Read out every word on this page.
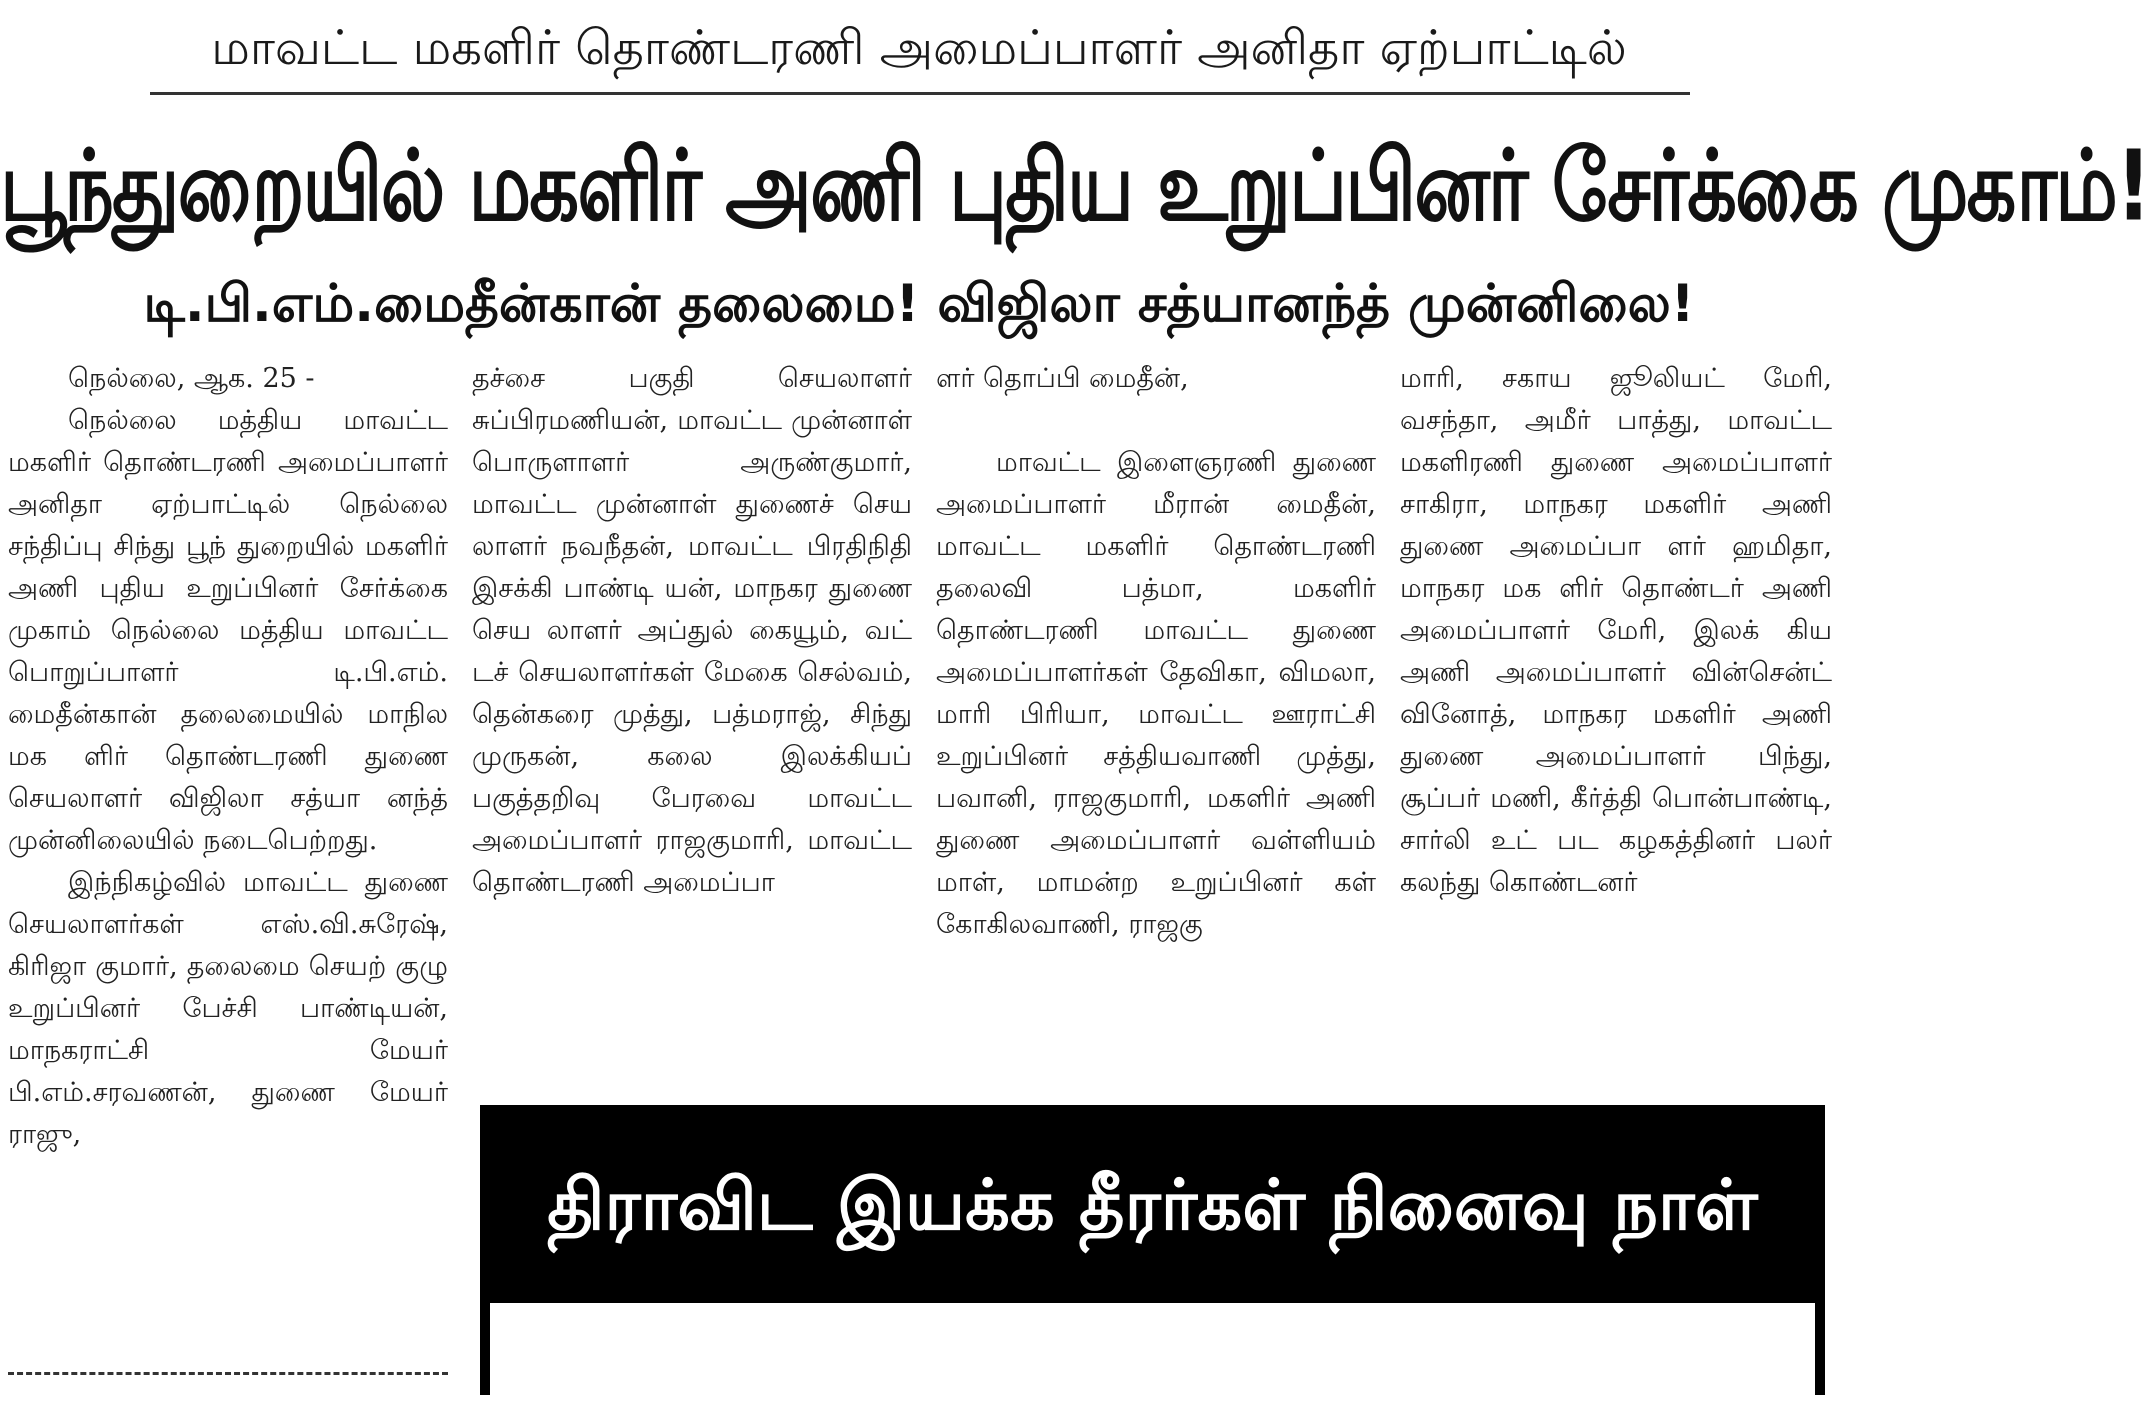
மாவட்ட மகளிர் தொண்டரணி அமைப்பாளர் அனிதா ஏற்பாட்டில்
பூந்துறையில் மகளிர் அணி புதிய உறுப்பினர் சேர்க்கை முகாம்!
டி.பி.எம்.மைதீன்கான் தலைமை! விஜிலா சத்யானந்த் முன்னிலை!

நெல்லை, ஆக. 25 -

நெல்லை மத்திய மாவட்ட மகளிர் தொண்டரணி அமைப்பாளர் அனிதா ஏற்பாட்டில் நெல்லை சந்திப்பு சிந்து பூந் துறையில் மகளிர் அணி புதிய உறுப்பினர் சேர்க்கை முகாம் நெல்லை மத்திய மாவட்ட பொறுப்பாளர் டி.பி.எம். மைதீன்கான் தலைமையில் மாநில மக ளிர் தொண்டரணி துணை செயலாளர் விஜிலா சத்யா னந்த் முன்னிலையில் நடைபெற்றது.

இந்நிகழ்வில் மாவட்ட துணை செயலாளர்கள் எஸ்.வி.சுரேஷ், கிரிஜா குமார், தலைமை செயற் குழு உறுப்பினர் பேச்சி பாண்டியன், மாநகராட்சி மேயர் பி.எம்.சரவணன், துணை மேயர் ராஜு,

தச்சை பகுதி செயலாளர் சுப்பிரமணியன், மாவட்ட முன்னாள் பொருளாளர் அருண்குமார், மாவட்ட முன்னாள் துணைச் செய லாளர் நவநீதன், மாவட்ட பிரதிநிதி இசக்கி பாண்டி யன், மாநகர துணை செய லாளர் அப்துல் கையூம், வட் டச் செயலாளர்கள் மேகை செல்வம், தென்கரை முத்து, பத்மராஜ், சிந்து முருகன், கலை இலக்கியப் பகுத்தறிவு பேரவை மாவட்ட அமைப்பாளர் ராஜகுமாரி, மாவட்ட தொண்டரணி அமைப்பா

ளர் தொப்பி மைதீன்,

மாவட்ட இளைஞரணி துணை அமைப்பாளர் மீரான் மைதீன், மாவட்ட மகளிர் தொண்டரணி தலைவி பத்மா, மகளிர் தொண்டரணி மாவட்ட துணை அமைப்பாளர்கள் தேவிகா, விமலா, மாரி பிரியா, மாவட்ட ஊராட்சி உறுப்பினர் சத்தியவாணி முத்து, பவானி, ராஜகுமாரி, மகளிர் அணி துணை அமைப்பாளர் வள்ளியம் மாள், மாமன்ற உறுப்பினர் கள் கோகிலவாணி, ராஜகு

மாரி, சகாய ஜூலியட் மேரி, வசந்தா, அமீர் பாத்து, மாவட்ட மகளிரணி துணை அமைப்பாளர் சாகிரா, மாநகர மகளிர் அணி துணை அமைப்பா ளர் ஹமிதா, மாநகர மக ளிர் தொண்டர் அணி அமைப்பாளர் மேரி, இலக் கிய அணி அமைப்பாளர் வின்சென்ட் வினோத், மாநகர மகளிர் அணி துணை அமைப்பாளர் பிந்து, சூப்பர் மணி, கீர்த்தி பொன்பாண்டி, சார்லி உட் பட கழகத்தினர் பலர் கலந்து கொண்டனர்

திராவிட இயக்க தீரர்கள் நினைவு நாள்
